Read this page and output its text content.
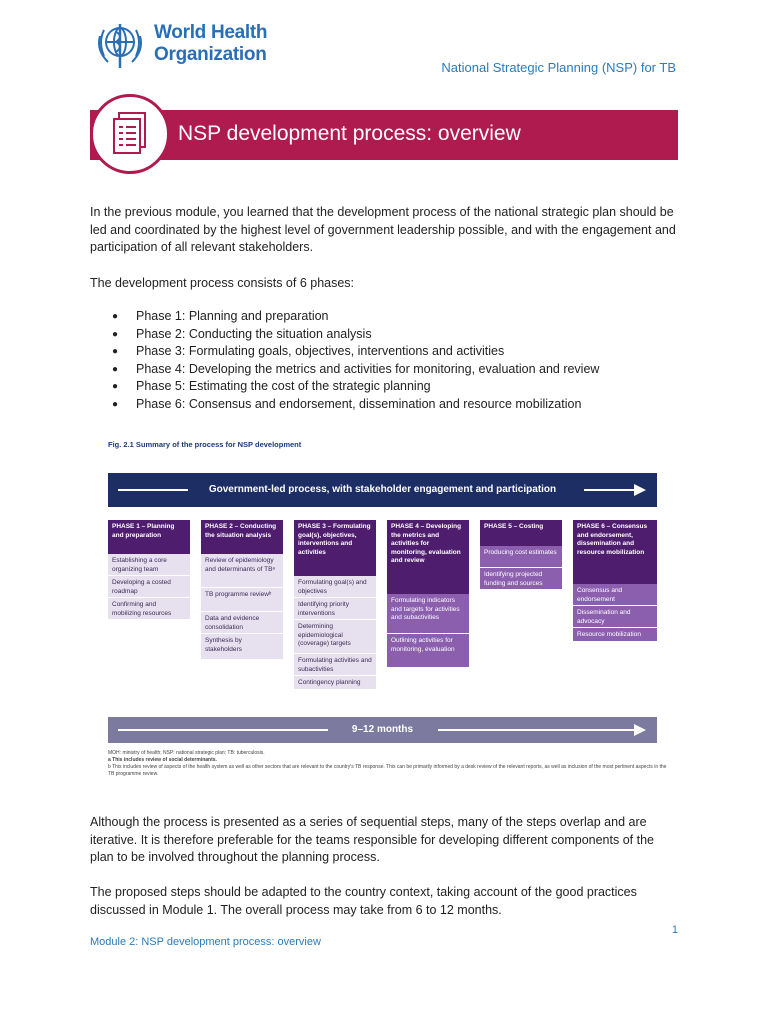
World Health
Organization
National Strategic Planning (NSP) for TB
NSP development process: overview

In the previous module, you learned that the development process of the national strategic plan should be led and coordinated by the highest level of government leadership possible, and with the engagement and participation of all relevant stakeholders.

The development process consists of 6 phases:

● Phase 1: Planning and preparation
● Phase 2: Conducting the situation analysis
● Phase 3: Formulating goals, objectives, interventions and activities
● Phase 4: Developing the metrics and activities for monitoring, evaluation and review
● Phase 5: Estimating the cost of the strategic planning
● Phase 6: Consensus and endorsement, dissemination and resource mobilization
Fig. 2.1 Summary of the process for NSP development
Government-led process, with stakeholder engagement and participation
PHASE 1 – Planning and preparation
Establishing a core organizing team
Developing a costed roadmap
Confirming and mobilizing resources
PHASE 2 – Conducting the situation analysis
Review of epidemiology and determinants of TBᵃ
TB programme reviewᵇ
Data and evidence consolidation
Synthesis by stakeholders
PHASE 3 – Formulating goal(s), objectives, interventions and activities
Formulating goal(s) and objectives
Identifying priority interventions
Determining epidemiological (coverage) targets
Formulating activities and subactivities
Contingency planning
PHASE 4 – Developing the metrics and activities for monitoring, evaluation and review
Formulating indicators and targets for activities and subactivities
Outlining activities for monitoring, evaluation
PHASE 5 – Costing
Producing cost estimates
Identifying projected funding and sources
PHASE 6 – Consensus and endorsement, dissemination and resource mobilization
Consensus and endorsement
Dissemination and advocacy
Resource mobilization
9–12 months
MOH: ministry of health; NSP: national strategic plan; TB: tuberculosis.
a This includes review of social determinants.
b This includes review of aspects of the health system as well as other sectors that are relevant to the country's TB response. This can be primarily informed by a desk review of the relevant reports, as well as inclusion of the most pertinent aspects in the TB programme review.

Although the process is presented as a series of sequential steps, many of the steps overlap and are iterative. It is therefore preferable for the teams responsible for developing different components of the plan to be involved throughout the planning process.

The proposed steps should be adapted to the country context, taking account of the good practices discussed in Module 1. The overall process may take from 6 to 12 months.

1
Module 2: NSP development process: overview
